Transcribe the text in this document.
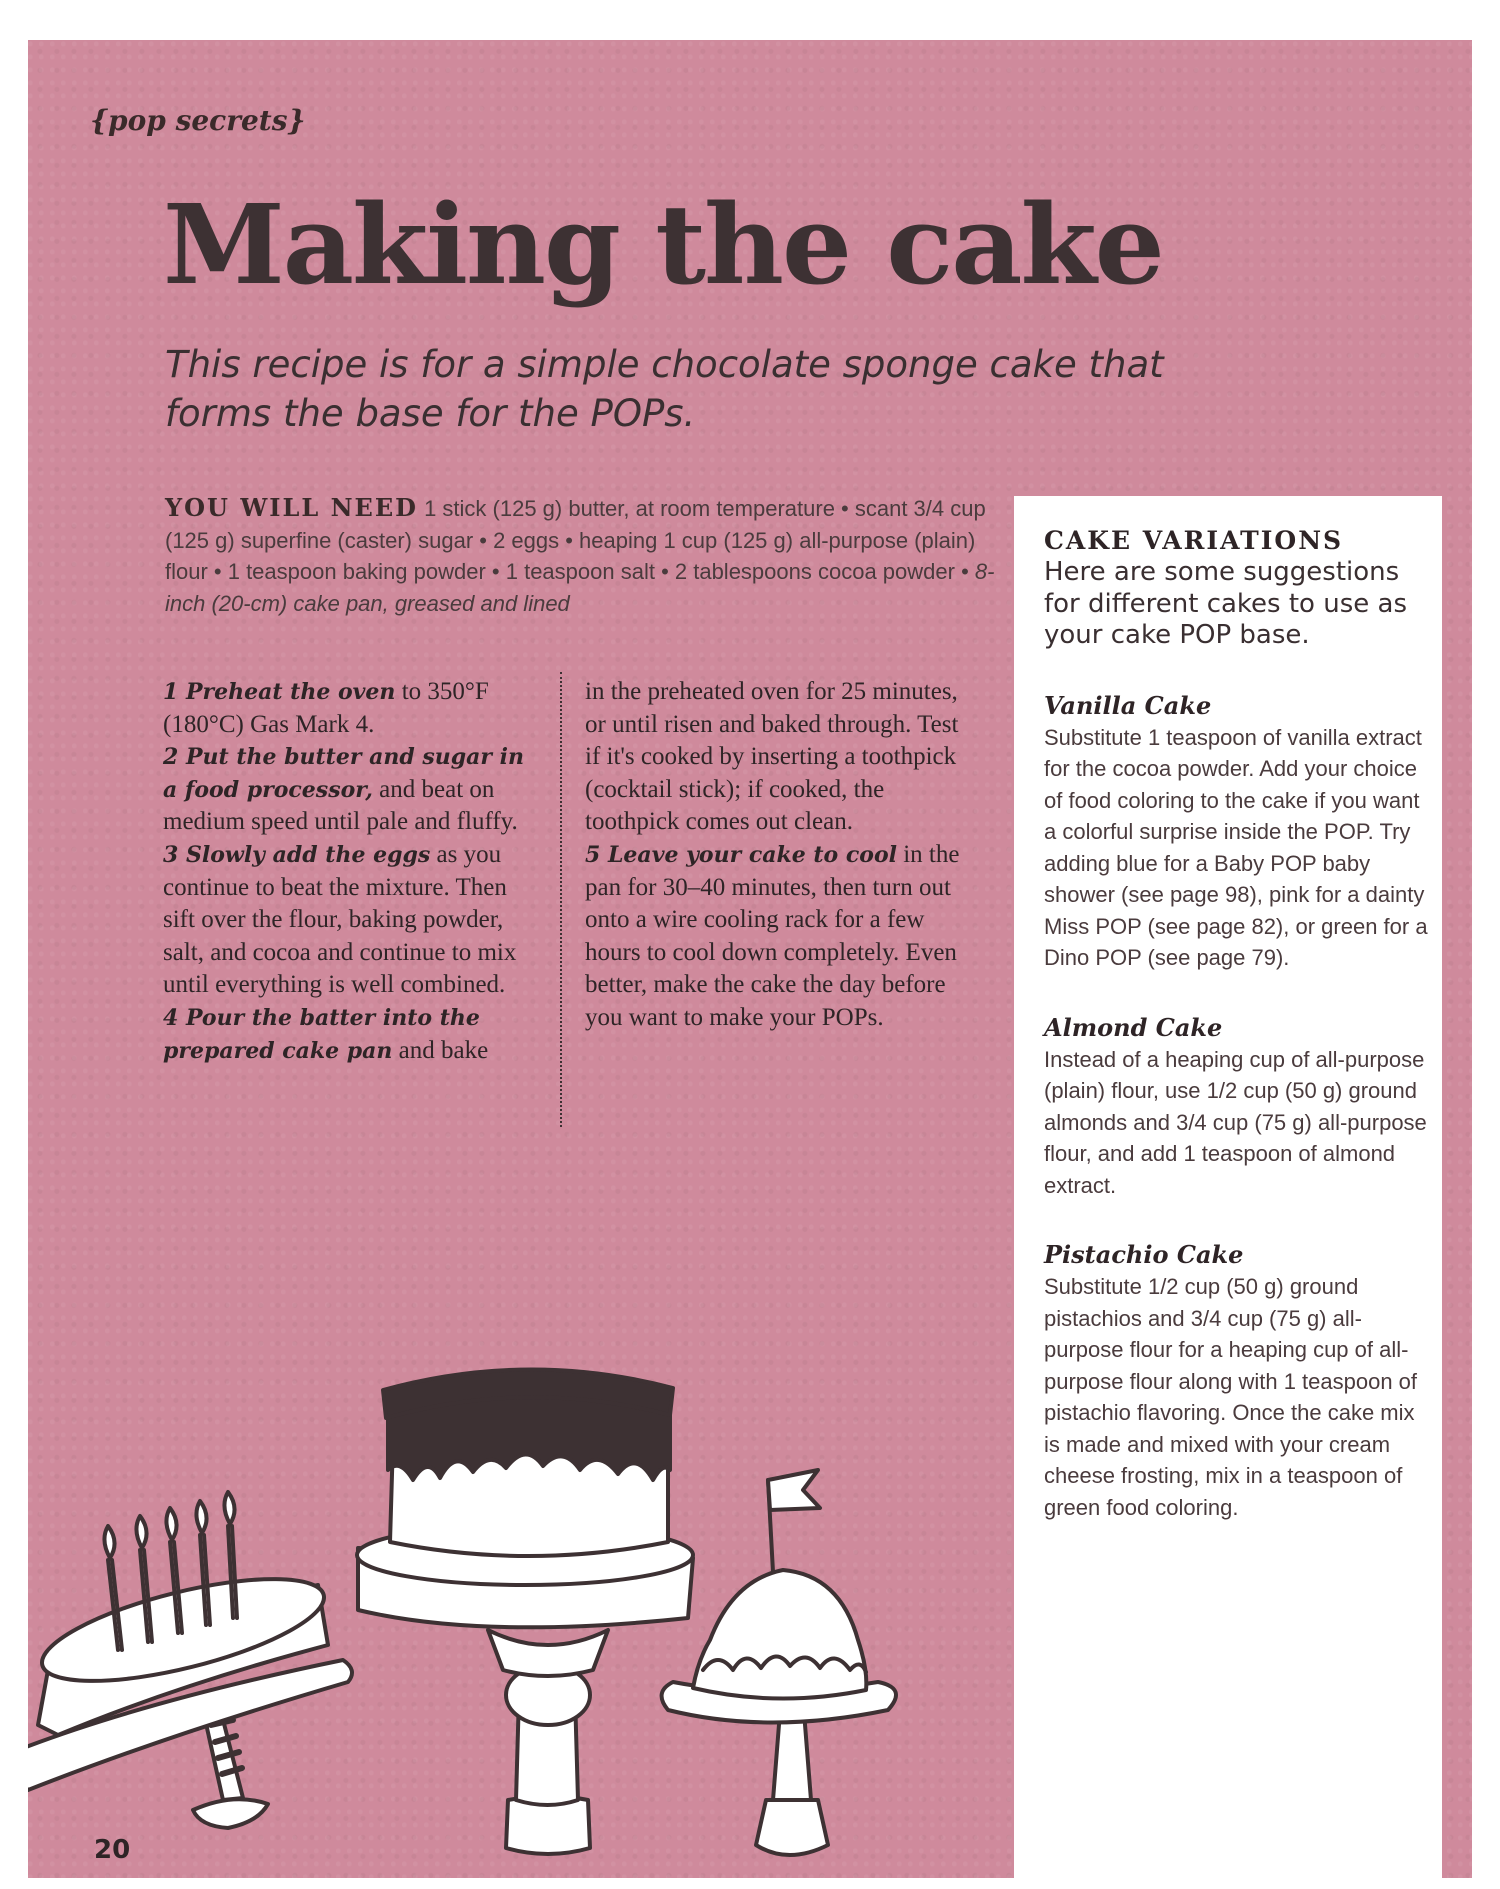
{pop secrets}
Making the cake

This recipe is for a simple chocolate sponge cake that forms the base for the POPs.

YOU WILL NEED 1 stick (125 g) butter, at room temperature • scant 3/4 cup (125 g) superfine (caster) sugar • 2 eggs • heaping 1 cup (125 g) all-purpose (plain) flour • 1 teaspoon baking powder • 1 teaspoon salt • 2 tablespoons cocoa powder • 8-inch (20-cm) cake pan, greased and lined

1 Preheat the oven to 350°F (180°C) Gas Mark 4.

2 Put the butter and sugar in a food processor, and beat on medium speed until pale and fluffy.

3 Slowly add the eggs as you continue to beat the mixture. Then sift over the flour, baking powder, salt, and cocoa and continue to mix until everything is well combined.

4 Pour the batter into the prepared cake pan and bake

in the preheated oven for 25 minutes, or until risen and baked through. Test if it's cooked by inserting a toothpick (cocktail stick); if cooked, the toothpick comes out clean.

5 Leave your cake to cool in the pan for 30–40 minutes, then turn out onto a wire cooling rack for a few hours to cool down completely. Even better, make the cake the day before you want to make your POPs.

CAKE VARIATIONS

Here are some suggestions for different cakes to use as your cake POP base.

Vanilla Cake

Substitute 1 teaspoon of vanilla extract for the cocoa powder. Add your choice of food coloring to the cake if you want a colorful surprise inside the POP. Try adding blue for a Baby POP baby shower (see page 98), pink for a dainty Miss POP (see page 82), or green for a Dino POP (see page 79).

Almond Cake

Instead of a heaping cup of all-purpose (plain) flour, use 1/2 cup (50 g) ground almonds and 3/4 cup (75 g) all-purpose flour, and add 1 teaspoon of almond extract.

Pistachio Cake

Substitute 1/2 cup (50 g) ground pistachios and 3/4 cup (75 g) all-purpose flour for a heaping cup of all-purpose flour along with 1 teaspoon of pistachio flavoring. Once the cake mix is made and mixed with your cream cheese frosting, mix in a teaspoon of green food coloring.

20
